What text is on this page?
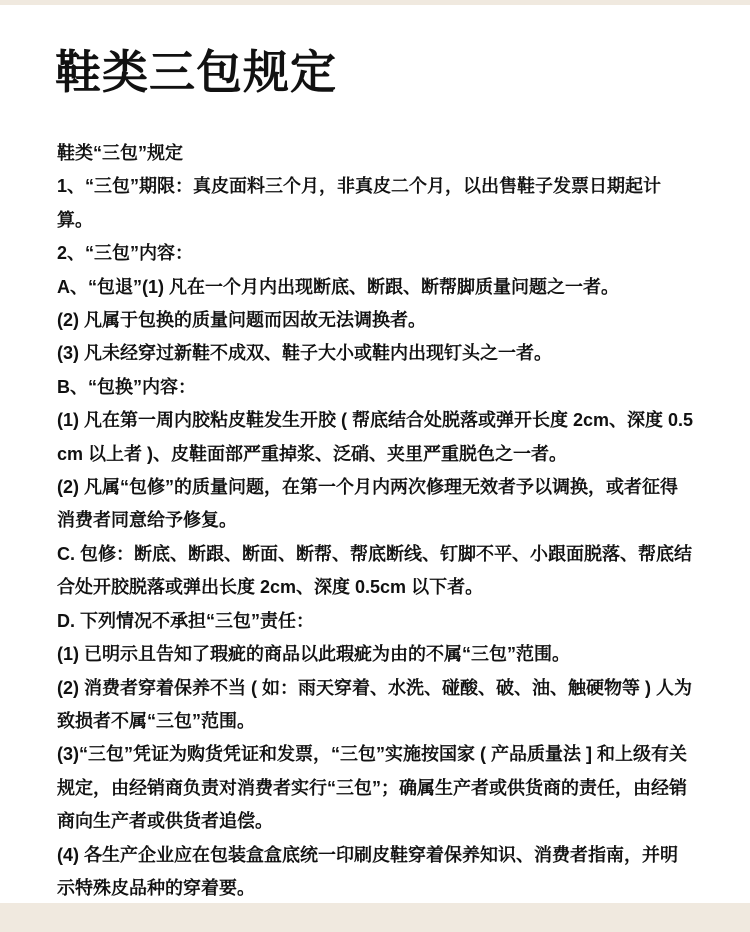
鞋类三包规定

鞋类“三包”规定

1、“三包”期限：真皮面料三个月，非真皮二个月，以出售鞋子发票日期起计算。

2、“三包”内容：

A、“包退”(1) 凡在一个月内出现断底、断跟、断帮脚质量问题之一者。

(2) 凡属于包换的质量问题而因故无法调换者。

(3) 凡未经穿过新鞋不成双、鞋子大小或鞋内出现钉头之一者。

B、“包换”内容：

(1) 凡在第一周内胶粘皮鞋发生开胶 ( 帮底结合处脱落或弹开长度 2cm、深度 0.5cm 以上者 )、皮鞋面部严重掉浆、泛硝、夹里严重脱色之一者。

(2) 凡属“包修”的质量问题，在第一个月内两次修理无效者予以调换，或者征得消费者同意给予修复。

C. 包修：断底、断跟、断面、断帮、帮底断线、钉脚不平、小跟面脱落、帮底结合处开胶脱落或弹出长度 2cm、深度 0.5cm 以下者。

D. 下列情况不承担“三包”责任：

(1) 已明示且告知了瑕疵的商品以此瑕疵为由的不属“三包”范围。

(2) 消费者穿着保养不当 ( 如：雨天穿着、水洗、碰酸、破、油、触硬物等 ) 人为致损者不属“三包”范围。

(3)“三包”凭证为购货凭证和发票，“三包”实施按国家 ( 产品质量法 ] 和上级有关规定，由经销商负责对消费者实行“三包”；确属生产者或供货商的责任，由经销商向生产者或供货者追偿。

(4) 各生产企业应在包装盒盒底统一印刷皮鞋穿着保养知识、消费者指南，并明示特殊皮品种的穿着要。
